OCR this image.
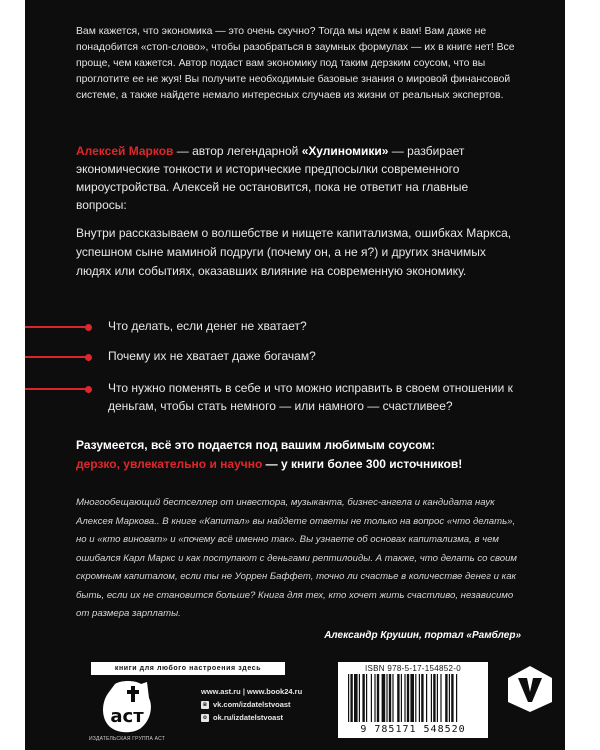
Вам кажется, что экономика — это очень скучно? Тогда мы идем к вам! Вам даже не понадобится «стоп-слово», чтобы разобраться в заумных формулах — их в книге нет! Все проще, чем кажется. Автор подаст вам экономику под таким дерзким соусом, что вы проглотите ее не жуя! Вы получите необходимые базовые знания о мировой финансовой системе, а также найдете немало интересных случаев из жизни от реальных экспертов.

Алексей Марков — автор легендарной «Хулиномики» — разбирает экономические тонкости и исторические предпосылки современного мироустройства. Алексей не остановится, пока не ответит на главные вопросы:

Внутри рассказываем о волшебстве и нищете капитализма, ошибках Маркса, успешном сыне маминой подруги (почему он, а не я?) и других значимых людях или событиях, оказавших влияние на современную экономику.

Что делать, если денег не хватает?

Почему их не хватает даже богачам?

Что нужно поменять в себе и что можно исправить в своем отношении к деньгам, чтобы стать немного — или намного — счастливее?

Разумеется, всё это подается под вашим любимым соусом:
дерзко, увлекательно и научно — у книги более 300 источников!

Многообещающий бестселлер от инвестора, музыканта, бизнес-ангела и кандидата наук Алексея Маркова.. В книге «Капитал» вы найдете ответы не только на вопрос «что делать», но и «кто виноват» и «почему всё именно так». Вы узнаете об основах капитализма, в чем ошибался Карл Маркс и как поступают с деньгами рептилоиды. А также, что делать со своим скромным капиталом, если ты не Уоррен Баффет, точно ли счастье в количестве денег и как быть, если их не становится больше? Книга для тех, кто хочет жить счастливо, независимо от размера зарплаты.

Александр Крушин, портал «Рамблер»

книги для любого настроения здесь
аст
ИЗДАТЕЛЬСКАЯ ГРУППА АСТ
www.ast.ru | www.book24.ru
в vk.com/izdatelstvoast
о ok.ru/izdatelstvoast
ISBN 978-5-17-154852-0
9 785171 548520
